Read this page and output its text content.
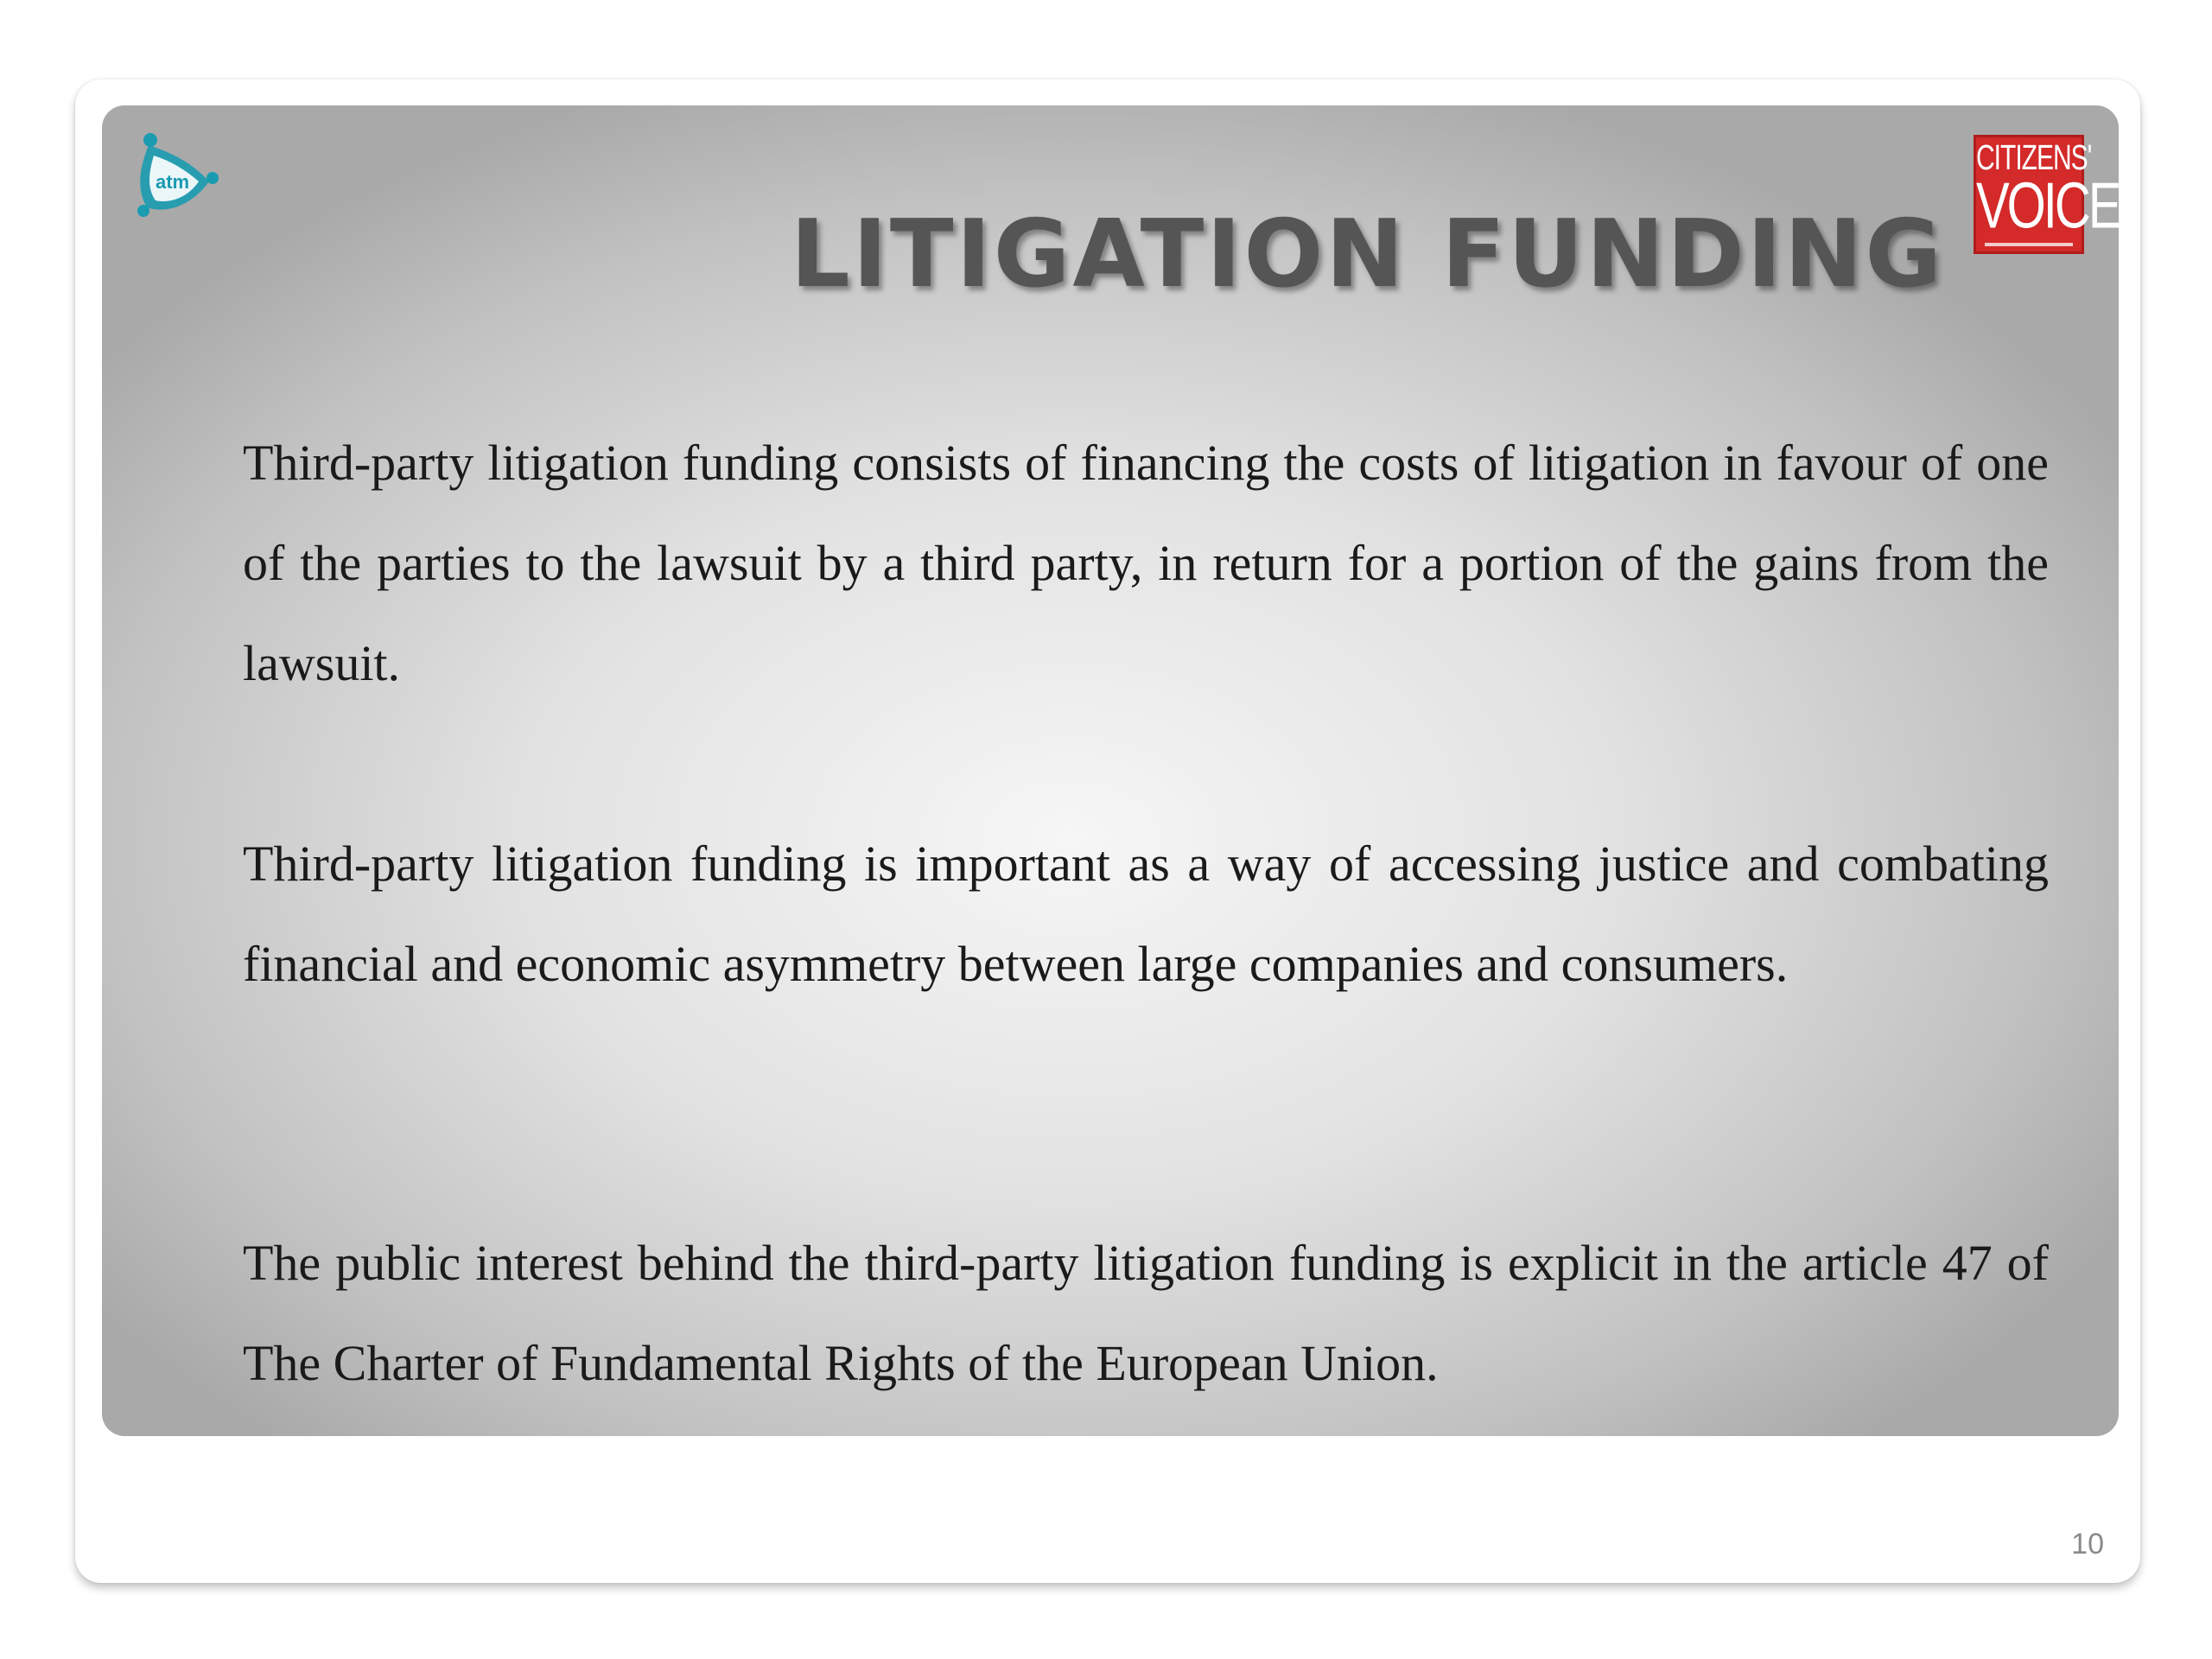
atm
CITIZENS'
VOICE
LITIGATION FUNDING

Third-party litigation funding consists of financing the costs of litigation in favour of one of the parties to the lawsuit by a third party, in return for a portion of the gains from the lawsuit.

Third-party litigation funding is important as a way of accessing justice and combating financial and economic asymmetry between large companies and consumers.

The public interest behind the third-party litigation funding is explicit in the article 47 of The Charter of Fundamental Rights of the European Union.

10
